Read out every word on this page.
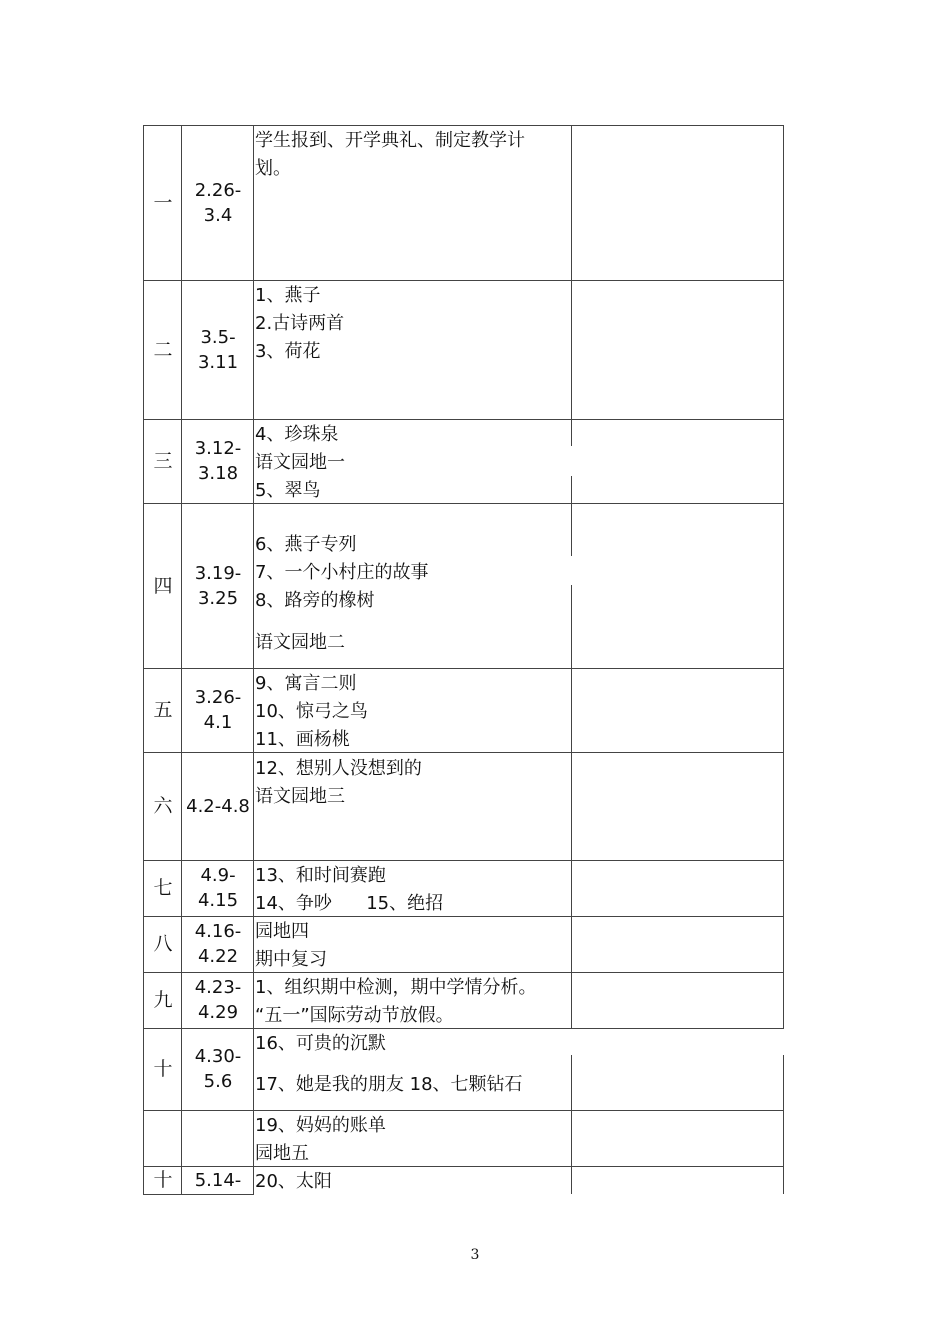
一
2.26-
3.4
学生报到、开学典礼、制定教学计
划。
二
3.5-
3.11
1、燕子
2.古诗两首
3、荷花
三
3.12-
3.18
4、珍珠泉
语文园地一
5、翠鸟
四
3.19-
3.25
6、燕子专列
7、一个小村庄的故事
8、路旁的橡树
语文园地二
五
3.26-
4.1
9、寓言二则
10、惊弓之鸟
11、画杨桃
六 4.2-4.8
12、想别人没想到的
语文园地三
七
4.9-
4.15
13、和时间赛跑
14、争吵      15、绝招
八
4.16-
4.22
园地四
期中复习
九
4.23-
4.29
1、组织期中检测，期中学情分析。
“五一”国际劳动节放假。
十
4.30-
5.6
16、可贵的沉默
17、她是我的朋友 18、七颗钻石
19、妈妈的账单
园地五
十	5.14- 20、太阳
3
